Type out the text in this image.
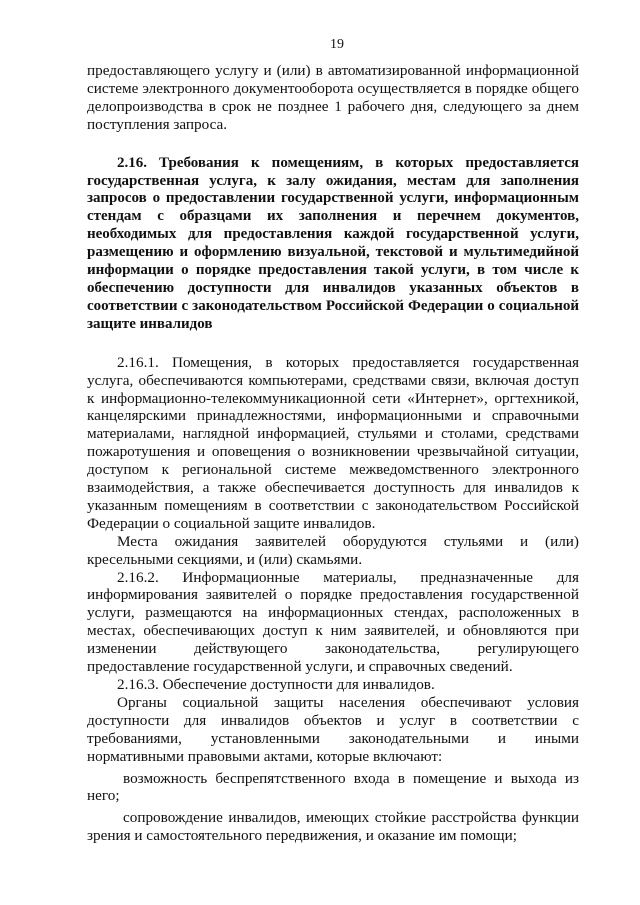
19

предоставляющего услугу и (или) в автоматизированной информационной системе электронного документооборота осуществляется в порядке общего делопроизводства в срок не позднее 1 рабочего дня, следующего за днем поступления запроса.

2.16. Требования к помещениям, в которых предоставляется государственная услуга, к залу ожидания, местам для заполнения запросов о предоставлении государственной услуги, информационным стендам с образцами их заполнения и перечнем документов, необходимых для предоставления каждой государственной услуги, размещению и оформлению визуальной, текстовой и мультимедийной информации о порядке предоставления такой услуги, в том числе к обеспечению доступности для инвалидов указанных объектов в соответствии с законодательством Российской Федерации о социальной защите инвалидов

2.16.1. Помещения, в которых предоставляется государственная услуга, обеспечиваются компьютерами, средствами связи, включая доступ к информационно-телекоммуникационной сети «Интернет», оргтехникой, канцелярскими принадлежностями, информационными и справочными материалами, наглядной информацией, стульями и столами, средствами пожаротушения и оповещения о возникновении чрезвычайной ситуации, доступом к региональной системе межведомственного электронного взаимодействия, а также обеспечивается доступность для инвалидов к указанным помещениям в соответствии с законодательством Российской Федерации о социальной защите инвалидов.

Места ожидания заявителей оборудуются стульями и (или) кресельными секциями, и (или) скамьями.

2.16.2. Информационные материалы, предназначенные для информирования заявителей о порядке предоставления государственной услуги, размещаются на информационных стендах, расположенных в местах, обеспечивающих доступ к ним заявителей, и обновляются при изменении действующего законодательства, регулирующего предоставление государственной услуги, и справочных сведений.

2.16.3. Обеспечение доступности для инвалидов.

Органы социальной защиты населения обеспечивают условия доступности для инвалидов объектов и услуг в соответствии с требованиями, установленными законодательными и иными нормативными правовыми актами, которые включают:

возможность беспрепятственного входа в помещение и выхода из него;

сопровождение инвалидов, имеющих стойкие расстройства функции зрения и самостоятельного передвижения, и оказание им помощи;
